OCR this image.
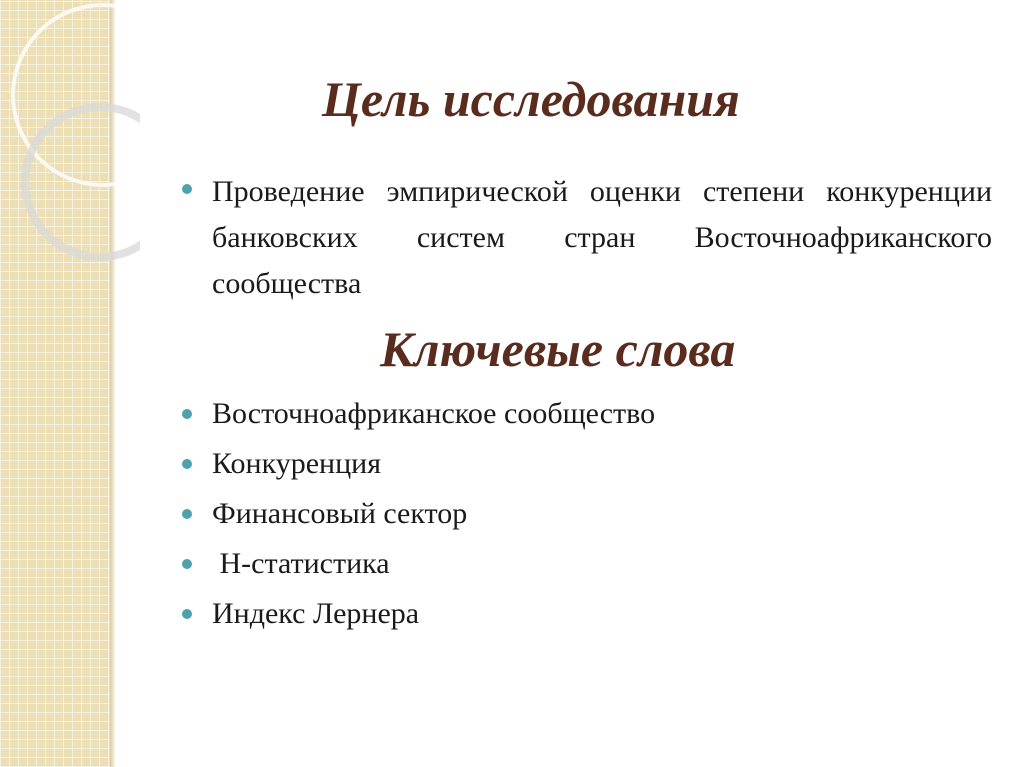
Цель исследования
Проведение эмпирической оценки степени конкуренции банковских систем стран Восточноафриканского сообщества
Ключевые слова
Восточноафриканское сообщество
Конкуренция
Финансовый сектор
Н-статистика
Индекс Лернера
